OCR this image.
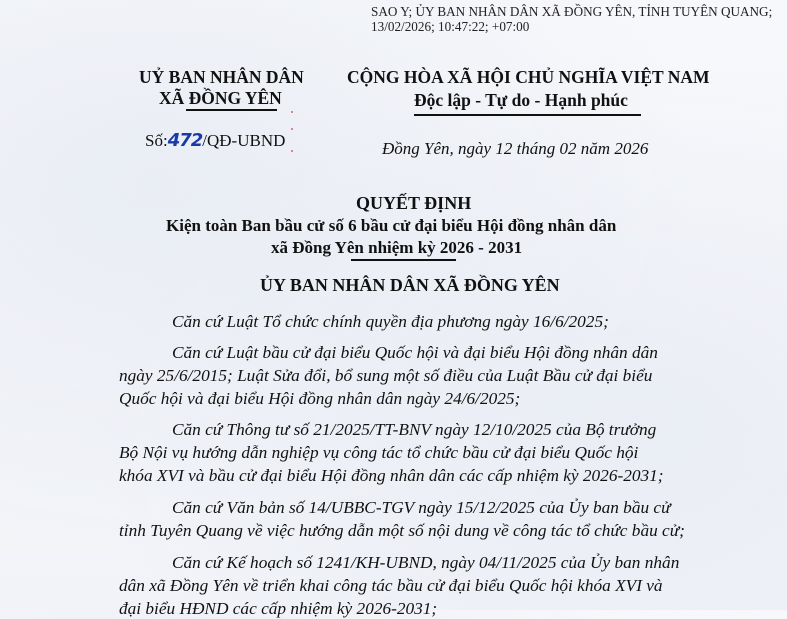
SAO Y; ỦY BAN NHÂN DÂN XÃ ĐỒNG YÊN, TỈNH TUYÊN QUANG;
13/02/2026; 10:47:22; +07:00
UỶ BAN NHÂN DÂN
XÃ ĐỒNG YÊN
Số:472/QĐ-UBND
CỘNG HÒA XÃ HỘI CHỦ NGHĨA VIỆT NAM
Độc lập - Tự do - Hạnh phúc
Đồng Yên, ngày 12 tháng 02 năm 2026
QUYẾT ĐỊNH
Kiện toàn Ban bầu cử số 6 bầu cử đại biểu Hội đồng nhân dân
xã Đồng Yên nhiệm kỳ 2026 - 2031
ỦY BAN NHÂN DÂN XÃ ĐỒNG YÊN
Căn cứ Luật Tổ chức chính quyền địa phương ngày 16/6/2025;
Căn cứ Luật bầu cử đại biểu Quốc hội và đại biểu Hội đồng nhân dân
ngày 25/6/2015; Luật Sửa đổi, bổ sung một số điều của Luật Bầu cử đại biểu
Quốc hội và đại biểu Hội đồng nhân dân ngày 24/6/2025;
Căn cứ Thông tư số 21/2025/TT-BNV ngày 12/10/2025 của Bộ trưởng
Bộ Nội vụ hướng dẫn nghiệp vụ công tác tổ chức bầu cử đại biểu Quốc hội
khóa XVI và bầu cử đại biểu Hội đồng nhân dân các cấp nhiệm kỳ 2026-2031;
Căn cứ Văn bản số 14/UBBC-TGV ngày 15/12/2025 của Ủy ban bầu cử
tỉnh Tuyên Quang về việc hướng dẫn một số nội dung về công tác tổ chức bầu cử;
Căn cứ Kế hoạch số 1241/KH-UBND, ngày 04/11/2025 của Ủy ban nhân
dân xã Đồng Yên về triển khai công tác bầu cử đại biểu Quốc hội khóa XVI và
đại biểu HĐND các cấp nhiệm kỳ 2026-2031;
